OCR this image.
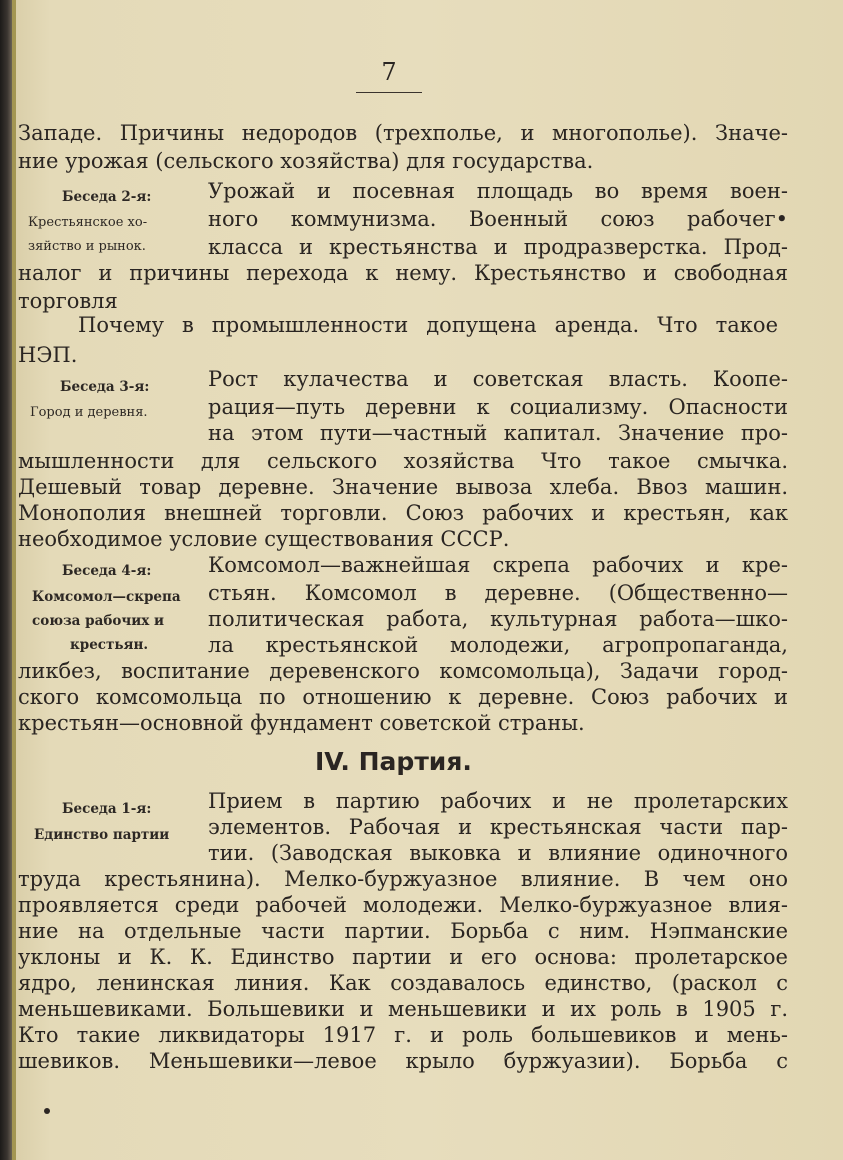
7
Западе. Причины недородов (трехполье, и многополье). Значе-
ние урожая (сельского хозяйства) для государства.
Беседа 2-я:
Крестьянское хо-
зяйство и рынок.
Урожай и посевная площадь во время воен-
ного коммунизма. Военный союз рабочег•
класса и крестьянства и продразверстка. Прод-
налог и причины перехода к нему. Крестьянство и свободная
торговля
Почему в промышленности допущена аренда. Что такое
НЭП.
Беседа 3-я:
Город и деревня.
Рост кулачества и советская власть. Коопе-
рация—путь деревни к социализму. Опасности
на этом пути—частный капитал. Значение про-
мышленности для сельского хозяйства Что такое смычка.
Дешевый товар деревне. Значение вывоза хлеба. Ввоз машин.
Монополия внешней торговли. Союз рабочих и крестьян, как
необходимое условие существования СССР.
Беседа 4-я:
Комсомол—скрепа
союза рабочих и
крестьян.
Комсомол—важнейшая скрепа рабочих и кре-
стьян. Комсомол в деревне. (Общественно—
политическая работа, культурная работа—шко-
ла крестьянской молодежи, агропропаганда,
ликбез, воспитание деревенского комсомольца), Задачи город-
ского комсомольца по отношению к деревне. Союз рабочих и
крестьян—основной фундамент советской страны.
IV. Партия.
Беседа 1-я:
Единство партии
Прием в партию рабочих и не пролетарских
элементов. Рабочая и крестьянская части пар-
тии. (Заводская выковка и влияние одиночного
труда крестьянина). Мелко-буржуазное влияние. В чем оно
проявляется среди рабочей молодежи. Мелко-буржуазное влия-
ние на отдельные части партии. Борьба с ним. Нэпманские
уклоны и К. К. Единство партии и его основа: пролетарское
ядро, ленинская линия. Как создавалось единство, (раскол с
меньшевиками. Большевики и меньшевики и их роль в 1905 г.
Кто такие ликвидаторы 1917 г. и роль большевиков и мень-
шевиков. Меньшевики—левое крыло буржуазии). Борьба с
